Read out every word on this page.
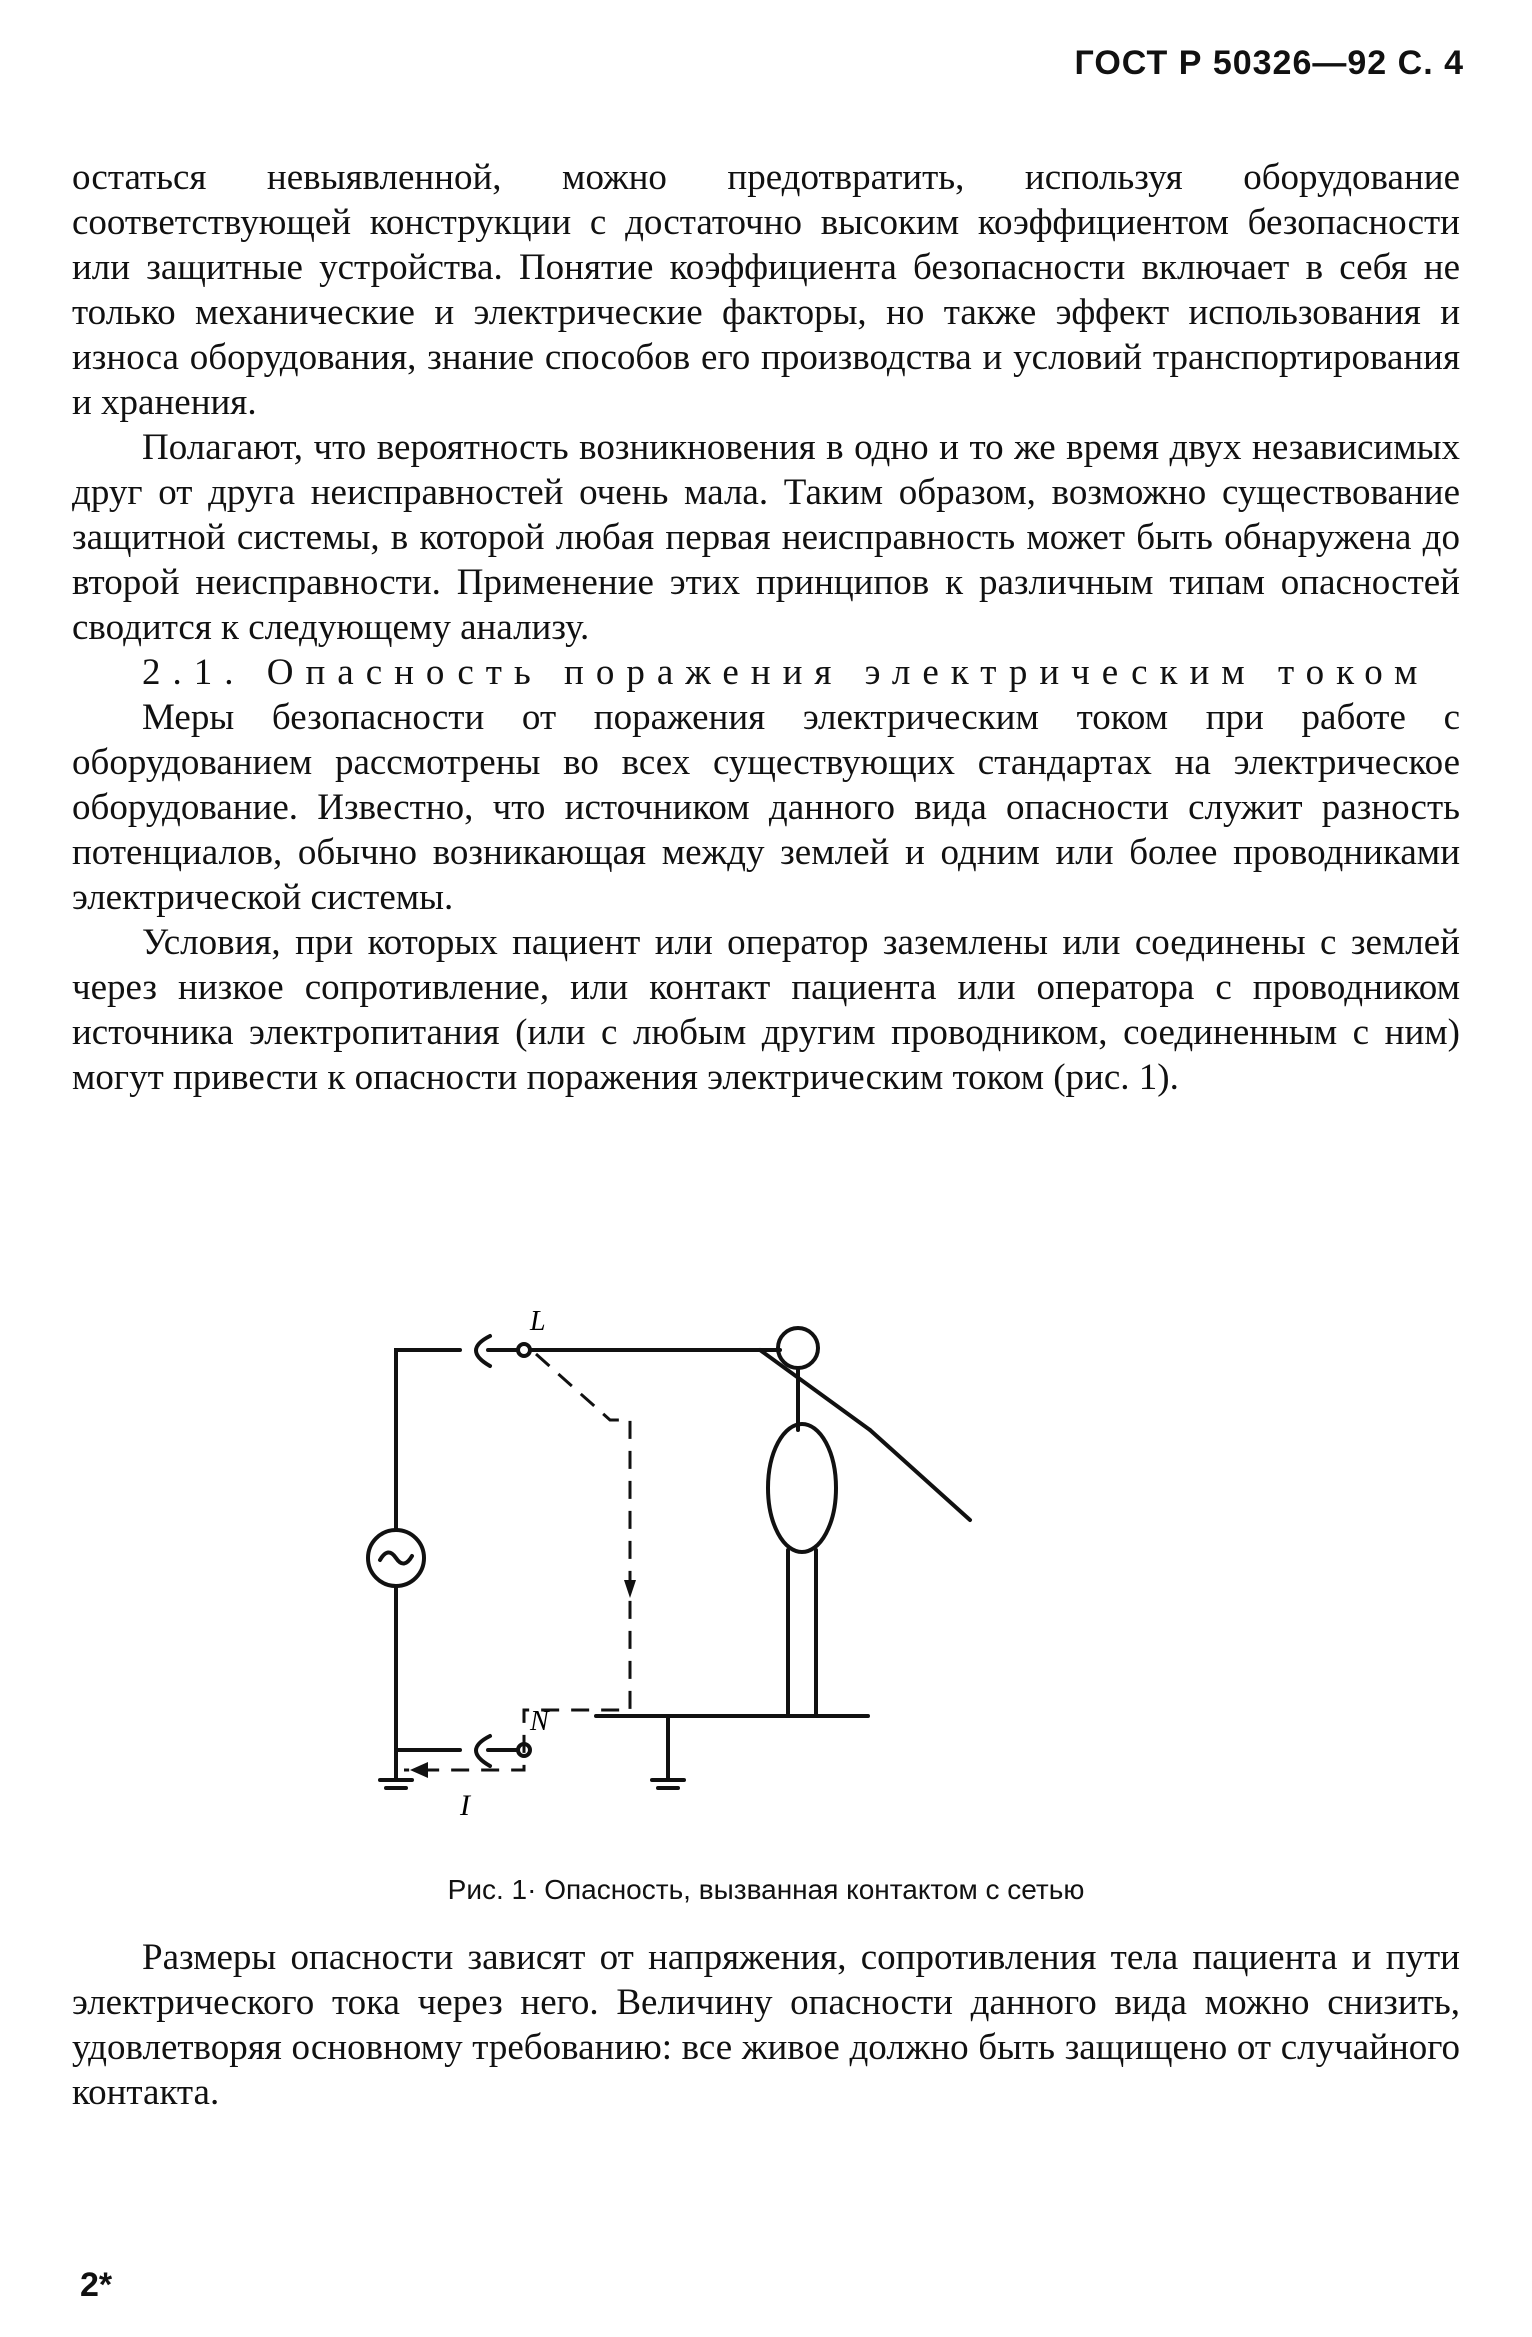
ГОСТ Р 50326—92 С. 4

остаться невыявленной, можно предотвратить, используя оборудование соответствующей конструкции с достаточно высоким коэффициентом безопасности или защитные устройства. Понятие коэффициента безопасности включает в себя не только механические и электрические факторы, но также эффект использования и износа оборудования, знание способов его производства и условий транспортирования и хранения.

Полагают, что вероятность возникновения в одно и то же время двух независимых друг от друга неисправностей очень мала. Таким образом, возможно существование защитной системы, в которой любая первая неисправность может быть обнаружена до второй неисправности. Применение этих принципов к различным типам опасностей сводится к следующему анализу.

2.1. Опасность поражения электрическим током

Меры безопасности от поражения электрическим током при работе с оборудованием рассмотрены во всех существующих стандартах на электрическое оборудование. Известно, что источником данного вида опасности служит разность потенциалов, обычно возникающая между землей и одним или более проводниками электрической системы.

Условия, при которых пациент или оператор заземлены или соединены с землей через низкое сопротивление, или контакт пациента или оператора с проводником источника электропитания (или с любым другим проводником, соединенным с ним) могут привести к опасности поражения электрическим током (рис. 1).

L
N
I
Рис. 1· Опасность, вызванная контактом с сетью

Размеры опасности зависят от напряжения, сопротивления тела пациента и пути электрического тока через него. Величину опасности данного вида можно снизить, удовлетворяя основному требованию: все живое должно быть защищено от случайного контакта.

2*
